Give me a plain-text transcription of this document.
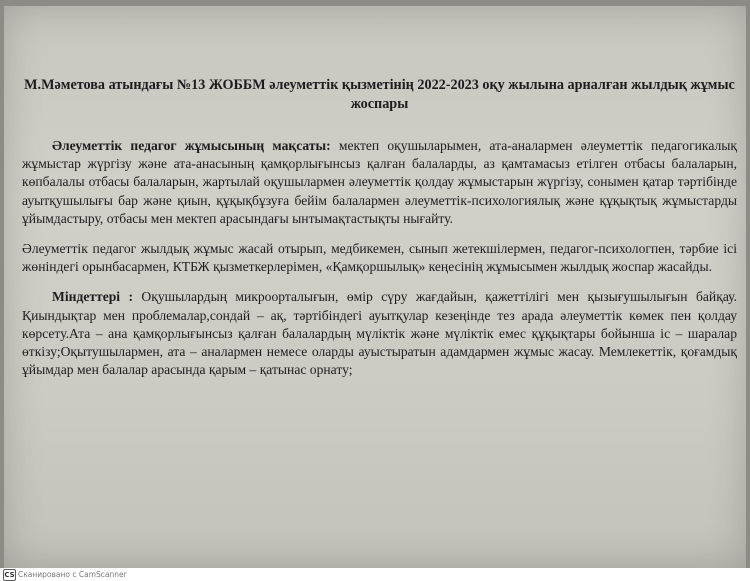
М.Мәметова атындағы №13 ЖОББМ әлеуметтік қызметінің 2022-2023 оқу жылына арналған жылдық жұмыс жоспары

Әлеуметтік педагог жұмысының мақсаты: мектеп оқушыларымен, ата-аналармен әлеуметтік педагогикалық жұмыстар жүргізу және ата-анасының қамқорлығынсыз қалған балаларды, аз қамтамасыз етілген отбасы балаларын, көпбалалы отбасы балаларын, жартылай оқушылармен әлеуметтік қолдау жұмыстарын жүргізу, сонымен қатар тәртібінде ауытқушылығы бар және қиын, құқықбұзуға бейім балалармен әлеуметтік-психологиялық және құқықтық жұмыстарды ұйымдастыру, отбасы мен мектеп арасындағы ынтымақтастықты нығайту.

Әлеуметтік педагог жылдық жұмыс жасай отырып, медбикемен, сынып жетекшілермен, педагог-психологпен, тәрбие ісі жөніндегі орынбасармен, КТБЖ қызметкерлерімен, «Қамқоршылық» кеңесінің жұмысымен жылдық жоспар жасайды.

Міндеттері : Оқушылардың микроорталығын, өмір сүру жағдайын, қажеттілігі мен қызығушылығын байқау. Қиындықтар мен проблемалар,сондай – ақ, тәртібіндегі ауытқулар кезеңінде тез арада әлеуметтік көмек пен қолдау көрсету.Ата – ана қамқорлығынсыз қалған балалардың мүліктік және мүліктік емес құқықтары бойынша іс – шаралар өткізу;Оқытушылармен, ата – аналармен немесе оларды ауыстыратын адамдармен жұмыс жасау. Мемлекеттік, қоғамдық ұйымдар мен балалар арасында қарым – қатынас орнату;

CS Сканировано с CamScanner
